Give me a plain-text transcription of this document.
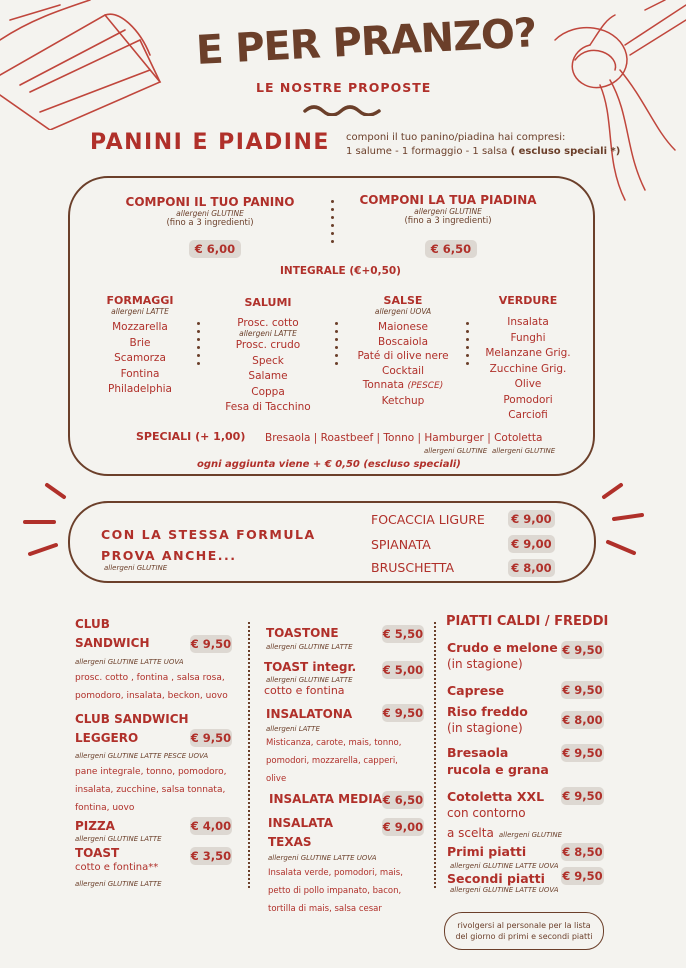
E PER PRANZO?
LE NOSTRE PROPOSTE
PANINI E PIADINE componi il tuo panino/piadina hai compresi:
1 salume - 1 formaggio - 1 salsa ( escluso speciali *)
COMPONI IL TUO PANINO
allergeni GLUTINE
(fino a 3 ingredienti)
€ 6,00
COMPONI LA TUA PIADINA
allergeni GLUTINE
(fino a 3 ingredienti)
€ 6,50
INTEGRALE (€+0,50)
FORMAGGI
allergeni LATTE
Mozzarella
Brie
Scamorza
Fontina
Philadelphia
SALUMI
Prosc. cotto
allergeni LATTE
Prosc. crudo
Speck
Salame
Coppa
Fesa di Tacchino
SALSE
allergeni UOVA
Maionese
Boscaiola
Paté di olive nere
Cocktail
Tonnata (PESCE)
Ketchup
VERDURE
Insalata
Funghi
Melanzane Grig.
Zucchine Grig.
Olive
Pomodori
Carciofi
SPECIALI (+ 1,00) Bresaola | Roastbeef | Tonno | Hamburger | Cotoletta
allergeni GLUTINE allergeni GLUTINE
ogni aggiunta viene + € 0,50 (escluso speciali)
CON LA STESSA FORMULA
PROVA ANCHE...
allergeni GLUTINE
FOCACCIA LIGURE € 9,00
SPIANATA	€ 9,00
BRUSCHETTA	€ 8,00
CLUB
SANDWICH	€ 9,50
allergeni GLUTINE LATTE UOVA
prosc. cotto , fontina , salsa rosa,
pomodoro, insalata, beckon, uovo
CLUB SANDWICH
LEGGERO	€ 9,50
allergeni GLUTINE LATTE PESCE UOVA
pane integrale, tonno, pomodoro,
insalata, zucchine, salsa tonnata,
fontina, uovo
PIZZA	€ 4,00
allergeni GLUTINE LATTE
TOAST	€ 3,50
cotto e fontina**
allergeni GLUTINE LATTE
TOASTONE	€ 5,50
allergeni GLUTINE LATTE
TOAST integr. € 5,00
allergeni GLUTINE LATTE
cotto e fontina
INSALATONA	€ 9,50
allergeni LATTE
Misticanza, carote, mais, tonno,
pomodori, mozzarella, capperi,
olive
INSALATA MEDIA € 6,50
INSALATA
TEXAS
€ 9,00
allergeni GLUTINE LATTE UOVA
Insalata verde, pomodori, mais,
petto di pollo impanato, bacon,
tortilla di mais, salsa cesar
PIATTI CALDI / FREDDI
Crudo e melone
(in stagione)
€ 9,50
Caprese	€ 9,50
Riso freddo
(in stagione)
€ 8,00
Bresaola
rucola e grana
€ 9,50
Cotoletta XXL
con contorno
a scelta allergeni GLUTINE
€ 9,50
Primi piatti	€ 8,50
allergeni GLUTINE LATTE UOVA
Secondi piatti € 9,50
allergeni GLUTINE LATTE UOVA
rivolgersi al personale per la lista
del giorno di primi e secondi piatti
